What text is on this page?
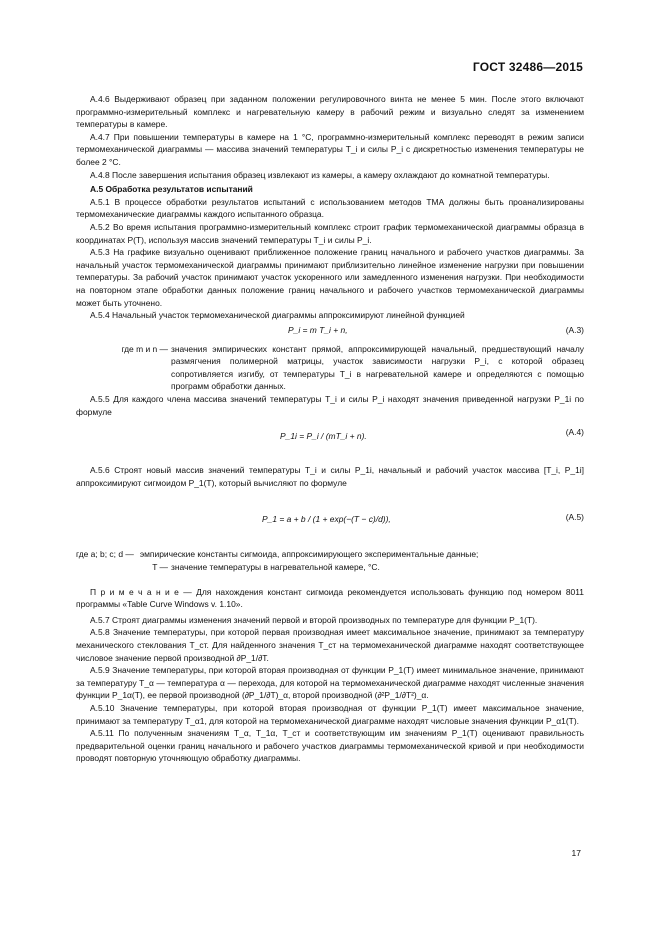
ГОСТ 32486—2015

А.4.6 Выдерживают образец при заданном положении регулировочного винта не менее 5 мин. После этого включают программно-измерительный комплекс и нагревательную камеру в рабочий режим и визуально следят за изменением температуры в камере.

А.4.7 При повышении температуры в камере на 1 °С, программно-измерительный комплекс переводят в режим записи термомеханической диаграммы — массива значений температуры T_i и силы P_i с дискретностью изменения температуры не более 2 °С.

А.4.8 После завершения испытания образец извлекают из камеры, а камеру охлаждают до комнатной температуры.

А.5 Обработка результатов испытаний

А.5.1 В процессе обработки результатов испытаний с использованием методов ТМА должны быть проанализированы термомеханические диаграммы каждого испытанного образца.

А.5.2 Во время испытания программно-измерительный комплекс строит график термомеханической диаграммы образца в координатах P(T), используя массив значений температуры T_i и силы P_i.

А.5.3 На графике визуально оценивают приближенное положение границ начального и рабочего участков диаграммы. За начальный участок термомеханической диаграммы принимают приблизительно линейное изменение нагрузки при повышении температуры. За рабочий участок принимают участок ускоренного или замедленного изменения нагрузки. При необходимости на повторном этапе обработки данных положение границ начального и рабочего участков термомеханической диаграммы может быть уточнено.

А.5.4 Начальный участок термомеханической диаграммы аппроксимируют линейной функцией

P_i = m T_i + n,	(А.3)
где m и n — значения эмпирических констант прямой, аппроксимирующей начальный, предшествующий началу размягчения полимерной матрицы, участок зависимости нагрузки P_i, с которой образец сопротивляется изгибу, от температуры T_i в нагревательной камере и определяются с помощью программ обработки данных.

А.5.5 Для каждого члена массива значений температуры T_i и силы P_i находят значения приведенной нагрузки P_1i по формуле

P_1i = P_i / (mT_i + n).	(А.4)

А.5.6 Строят новый массив значений температуры T_i и силы P_1i, начальный и рабочий участок массива [T_i, P_1i] аппроксимируют сигмоидом P_1(T), который вычисляют по формуле

P_1 = a + b / (1 + exp(−(T − c)/d)),	(А.5)
где a; b; c; d — эмпирические константы сигмоида, аппроксимирующего экспериментальные данные;
T — значение температуры в нагревательной камере, °С.

П р и м е ч а н и е — Для нахождения констант сигмоида рекомендуется использовать функцию под номером 8011 программы «Table Curve Windows v. 1.10».

А.5.7 Строят диаграммы изменения значений первой и второй производных по температуре для функции P_1(T).

А.5.8 Значение температуры, при которой первая производная имеет максимальное значение, принимают за температуру механического стеклования T_ст. Для найденного значения T_ст на термомеханической диаграмме находят соответствующее числовое значение первой производной ∂P_1/∂T.

А.5.9 Значение температуры, при которой вторая производная от функции P_1(T) имеет минимальное значение, принимают за температуру T_α — температура α — перехода, для которой на термомеханической диаграмме находят численные значения функции P_1α(T), ее первой производной (∂P_1/∂T)_α, второй производной (∂²P_1/∂T²)_α.

А.5.10 Значение температуры, при которой вторая производная от функции P_1(T) имеет максимальное значение, принимают за температуру T_α1, для которой на термомеханической диаграмме находят числовые значения функции P_α1(T).

А.5.11 По полученным значениям T_α, T_1α, T_ст и соответствующим им значениям P_1(T) оценивают правильность предварительной оценки границ начального и рабочего участков диаграммы термомеханической кривой и при необходимости проводят повторную уточняющую обработку диаграммы.

17
